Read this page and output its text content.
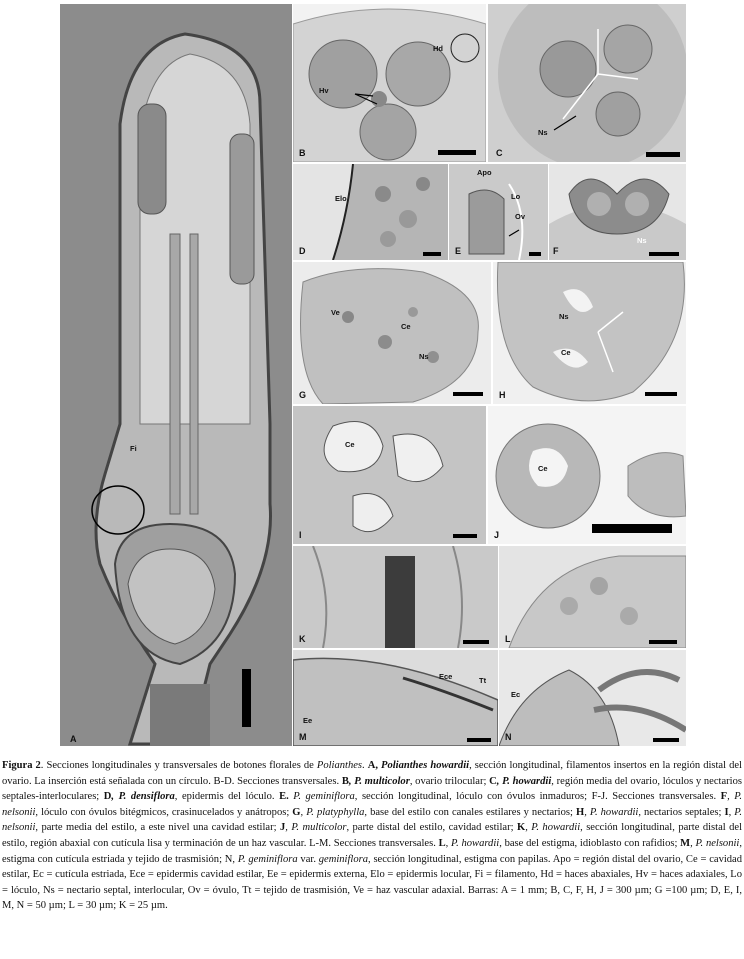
Fi
A
Hd
Hv
B
Ns
C
Elo
D
Apo
Lo
Ov
E
Ns
F
Ve
Ce
Ns
G
Ns
Ce
H
Ce
I
Ce
J
K	L
Ece	Tt
Ee
M
Ec
N
Figura 2. Secciones longitudinales y transversales de botones florales de Polianthes. A, Polianthes howardii, sección longitudinal, filamentos insertos en la región distal del ovario. La inserción está señalada con un círculo. B-D. Secciones transversales. B, P. multicolor, ovario trilocular; C, P. howardii, región media del ovario, lóculos y nectarios septales-interloculares; D, P. densiflora, epidermis del lóculo. E. P. geminiflora, sección longitudinal, lóculo con óvulos inmaduros; F-J. Secciones transversales. F, P. nelsonii, lóculo con óvulos bitégmicos, crasinucelados y anátropos; G, P. platyphylla, base del estilo con canales estilares y nectarios; H, P. howardii, nectarios septales; I, P. nelsonii, parte media del estilo, a este nivel una cavidad estilar; J, P. multicolor, parte distal del estilo, cavidad estilar; K, P. howardii, sección longitudinal, parte distal del estilo, región abaxial con cutícula lisa y terminación de un haz vascular. L-M. Secciones transversales. L, P. howardii, base del estigma, idioblasto con rafidios; M, P. nelsonii, estigma con cutícula estriada y tejido de trasmisión; N, P. geminiflora var. geminiflora, sección longitudinal, estigma con papilas. Apo = región distal del ovario, Ce = cavidad estilar, Ec = cutícula estriada, Ece = epidermis cavidad estilar, Ee = epidermis externa, Elo = epidermis locular, Fi = filamento, Hd = haces abaxiales, Hv = haces adaxiales, Lo = lóculo, Ns = nectario septal, interlocular, Ov = óvulo, Tt = tejido de trasmisión, Ve = haz vascular adaxial. Barras: A = 1 mm; B, C, F, H, J = 300 µm; G =100 µm; D, E, I, M, N = 50 µm; L = 30 µm; K = 25 µm.
